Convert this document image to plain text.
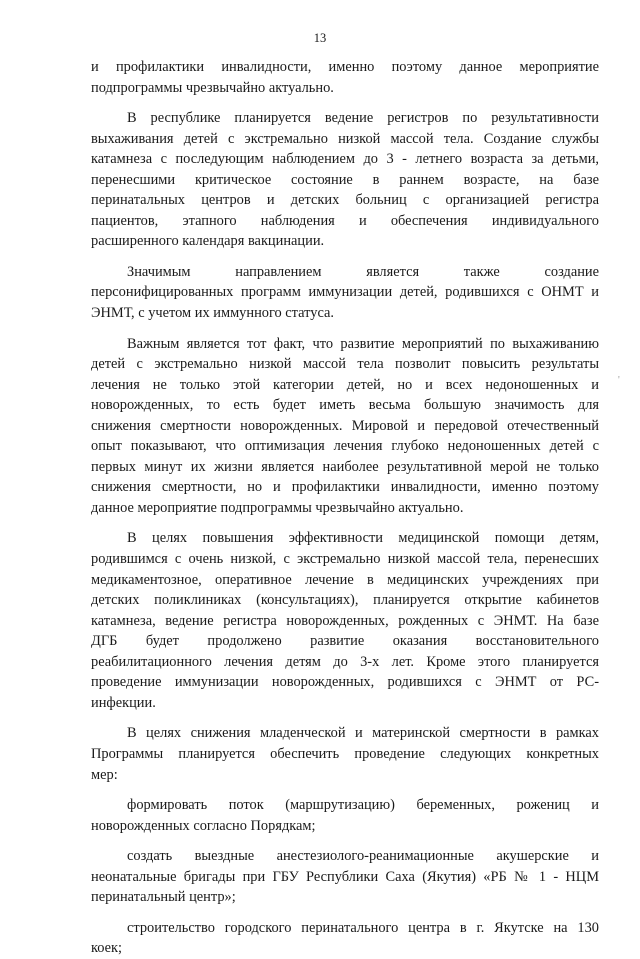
13
и профилактики инвалидности, именно поэтому данное мероприятие
подпрограммы чрезвычайно актуально.
В республике планируется ведение регистров по результативности
выхаживания детей с экстремально низкой массой тела. Создание службы
катамнеза с последующим наблюдением до 3 - летнего возраста за детьми,
перенесшими критическое состояние в раннем возрасте, на базе
перинатальных центров и детских больниц с организацией регистра
пациентов, этапного наблюдения и обеспечения индивидуального
расширенного календаря вакцинации.
Значимым направлением является также создание
персонифицированных программ иммунизации детей, родившихся с ОНМТ и
ЭНМТ, с учетом их иммунного статуса.
Важным является тот факт, что развитие мероприятий по выхаживанию
детей с экстремально низкой массой тела позволит повысить результаты
лечения не только этой категории детей, но и всех недоношенных и
новорожденных, то есть будет иметь весьма большую значимость для
снижения смертности новорожденных. Мировой и передовой отечественный
опыт показывают, что оптимизация лечения глубоко недоношенных детей с
первых минут их жизни является наиболее результативной мерой не только
снижения смертности, но и профилактики инвалидности, именно поэтому
данное мероприятие подпрограммы чрезвычайно актуально.
В целях повышения эффективности медицинской помощи детям,
родившимся с очень низкой, с экстремально низкой массой тела, перенесших
медикаментозное, оперативное лечение в медицинских учреждениях при
детских поликлиниках (консультациях), планируется открытие кабинетов
катамнеза, ведение регистра новорожденных, рожденных с ЭНМТ. На базе
ДГБ будет продолжено развитие оказания восстановительного
реабилитационного лечения детям до 3-х лет. Кроме этого планируется
проведение иммунизации новорожденных, родившихся с ЭНМТ от РС-
инфекции.
В целях снижения младенческой и материнской смертности в рамках
Программы планируется обеспечить проведение следующих конкретных
мер:
формировать поток (маршрутизацию) беременных, рожениц и
новорожденных согласно Порядкам;
создать выездные анестезиолого-реанимационные акушерские и
неонатальные бригады при ГБУ Республики Саха (Якутия) «РБ № 1 - НЦМ
перинатальный центр»;
строительство городского перинатального центра в г. Якутске на 130
коек;
'
